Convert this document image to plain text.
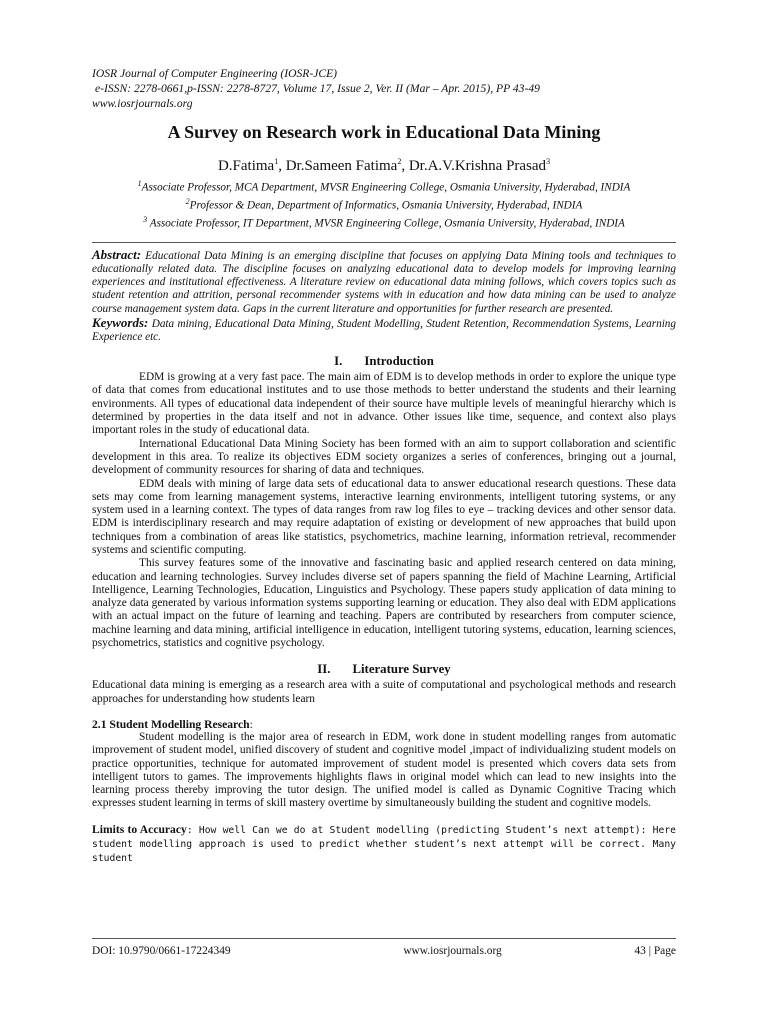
IOSR Journal of Computer Engineering (IOSR-JCE)
e-ISSN: 2278-0661,p-ISSN: 2278-8727, Volume 17, Issue 2, Ver. II (Mar – Apr. 2015), PP 43-49
www.iosrjournals.org
A Survey on Research work in Educational Data Mining
D.Fatima$^1$, Dr.Sameen Fatima$^2$, Dr.A.V.Krishna Prasad$^3$
$^1$Associate Professor, MCA Department, MVSR Engineering College, Osmania University, Hyderabad, INDIA
$^2$Professor & Dean, Department of Informatics, Osmania University, Hyderabad, INDIA
$^3$ Associate Professor, IT Department, MVSR Engineering College, Osmania University, Hyderabad, INDIA
Abstract: Educational Data Mining is an emerging discipline that focuses on applying Data Mining tools and techniques to educationally related data. The discipline focuses on analyzing educational data to develop models for improving learning experiences and institutional effectiveness. A literature review on educational data mining follows, which covers topics such as student retention and attrition, personal recommender systems with in education and how data mining can be used to analyze course management system data. Gaps in the current literature and opportunities for further research are presented.
Keywords: Data mining, Educational Data Mining, Student Modelling, Student Retention, Recommendation Systems, Learning Experience etc.
I. Introduction

EDM is growing at a very fast pace. The main aim of EDM is to develop methods in order to explore the unique type of data that comes from educational institutes and to use those methods to better understand the students and their learning environments. All types of educational data independent of their source have multiple levels of meaningful hierarchy which is determined by properties in the data itself and not in advance. Other issues like time, sequence, and context also plays important roles in the study of educational data.

International Educational Data Mining Society has been formed with an aim to support collaboration and scientific development in this area. To realize its objectives EDM society organizes a series of conferences, bringing out a journal, development of community resources for sharing of data and techniques.

EDM deals with mining of large data sets of educational data to answer educational research questions. These data sets may come from learning management systems, interactive learning environments, intelligent tutoring systems, or any system used in a learning context. The types of data ranges from raw log files to eye – tracking devices and other sensor data. EDM is interdisciplinary research and may require adaptation of existing or development of new approaches that build upon techniques from a combination of areas like statistics, psychometrics, machine learning, information retrieval, recommender systems and scientific computing.

This survey features some of the innovative and fascinating basic and applied research centered on data mining, education and learning technologies. Survey includes diverse set of papers spanning the field of Machine Learning, Artificial Intelligence, Learning Technologies, Education, Linguistics and Psychology. These papers study application of data mining to analyze data generated by various information systems supporting learning or education. They also deal with EDM applications with an actual impact on the future of learning and teaching. Papers are contributed by researchers from computer science, machine learning and data mining, artificial intelligence in education, intelligent tutoring systems, education, learning sciences, psychometrics, statistics and cognitive psychology.

II. Literature Survey

Educational data mining is emerging as a research area with a suite of computational and psychological methods and research approaches for understanding how students learn

2.1 Student Modelling Research:

Student modelling is the major area of research in EDM, work done in student modelling ranges from automatic improvement of student model, unified discovery of student and cognitive model ,impact of individualizing student models on practice opportunities, technique for automated improvement of student model is presented which covers data sets from intelligent tutors to games. The improvements highlights flaws in original model which can lead to new insights into the learning process thereby improving the tutor design. The unified model is called as Dynamic Cognitive Tracing which expresses student learning in terms of skill mastery overtime by simultaneously building the student and cognitive models.

Limits to Accuracy: How well Can we do at Student modelling (predicting Student’s next attempt): Here student modelling approach is used to predict whether student’s next attempt will be correct. Many student

DOI: 10.9790/0661-17224349	www.iosrjournals.org	43 | Page
